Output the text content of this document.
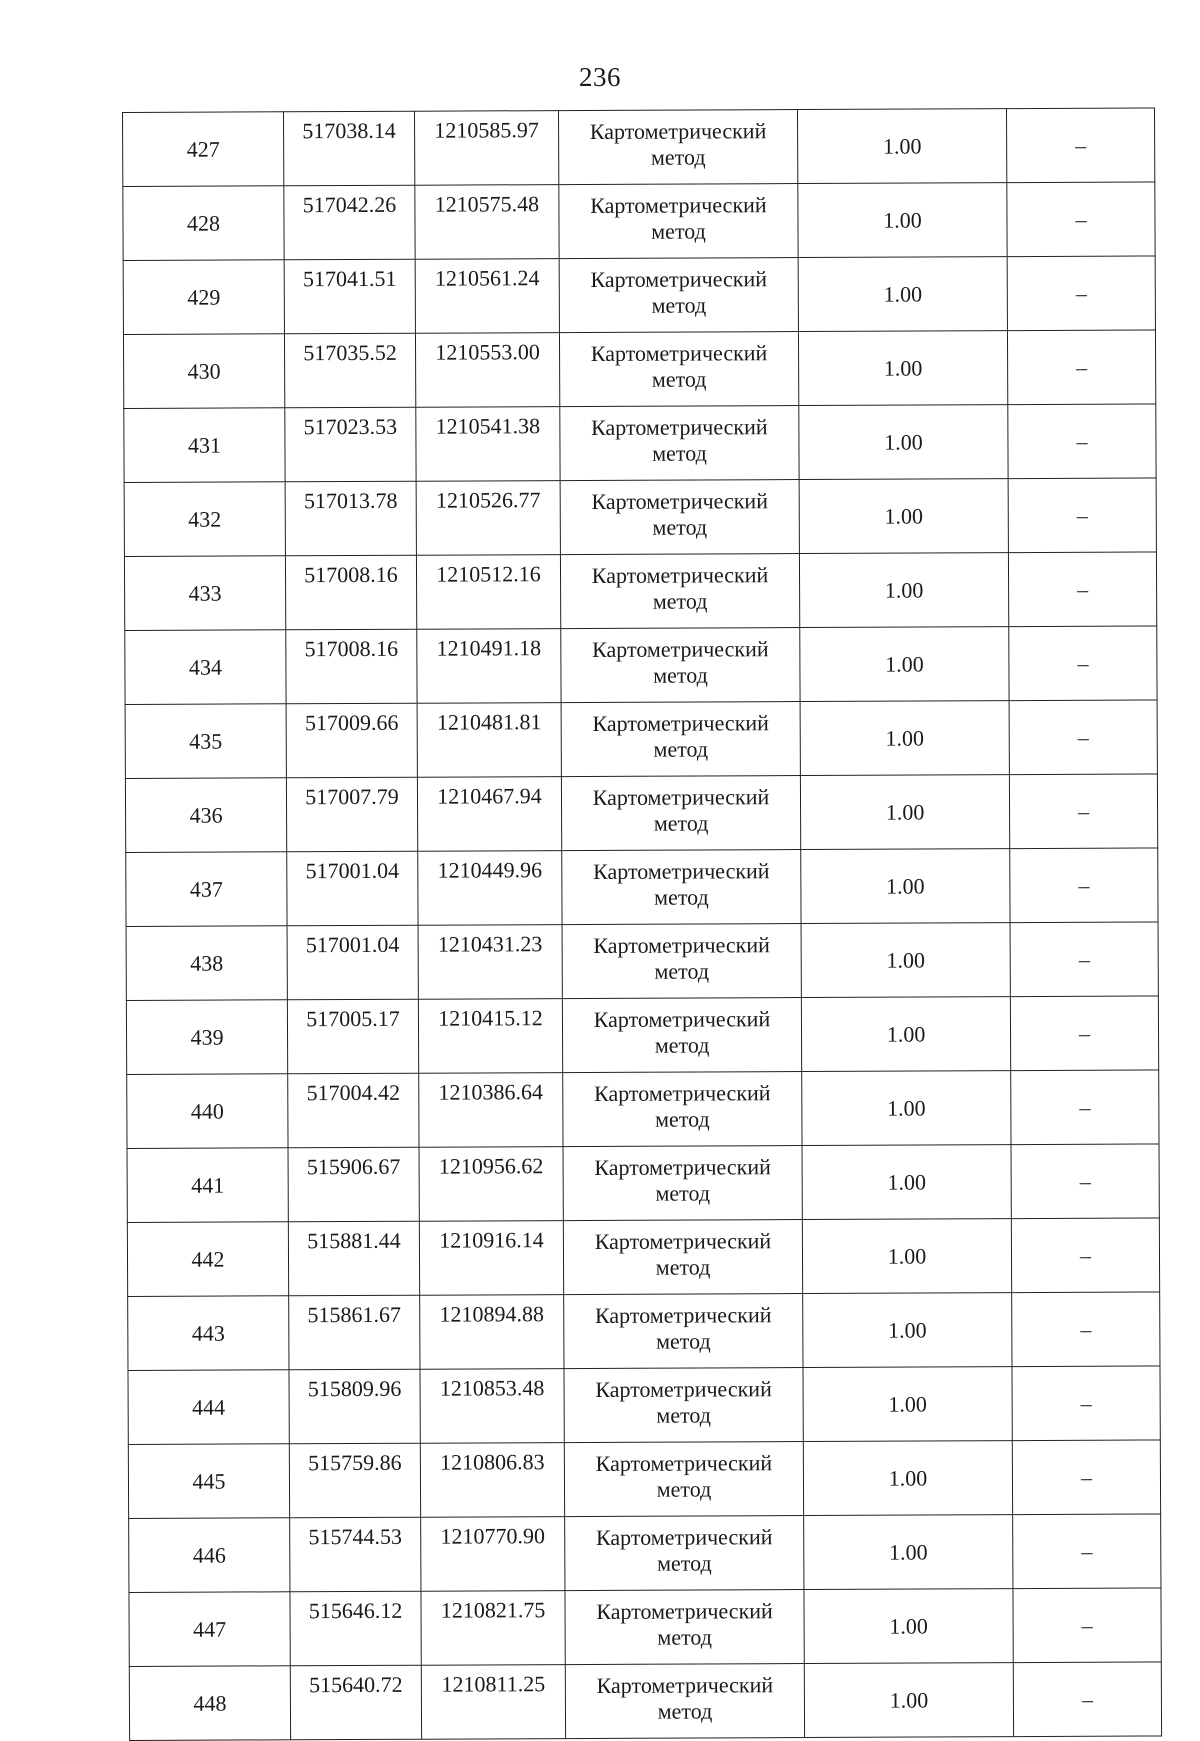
236
427	517038.14	1210585.97	Картометрический
метод	1.00	–
428	517042.26	1210575.48	Картометрический
метод	1.00	–
429	517041.51	1210561.24	Картометрический
метод	1.00	–
430	517035.52	1210553.00	Картометрический
метод	1.00	–
431	517023.53	1210541.38	Картометрический
метод	1.00	–
432	517013.78	1210526.77	Картометрический
метод	1.00	–
433	517008.16	1210512.16	Картометрический
метод	1.00	–
434	517008.16	1210491.18	Картометрический
метод	1.00	–
435	517009.66	1210481.81	Картометрический
метод	1.00	–
436	517007.79	1210467.94	Картометрический
метод	1.00	–
437	517001.04	1210449.96	Картометрический
метод	1.00	–
438	517001.04	1210431.23	Картометрический
метод	1.00	–
439	517005.17	1210415.12	Картометрический
метод	1.00	–
440	517004.42	1210386.64	Картометрический
метод	1.00	–
441	515906.67	1210956.62	Картометрический
метод	1.00	–
442	515881.44	1210916.14	Картометрический
метод	1.00	–
443	515861.67	1210894.88	Картометрический
метод	1.00	–
444	515809.96	1210853.48	Картометрический
метод	1.00	–
445	515759.86	1210806.83	Картометрический
метод	1.00	–
446	515744.53	1210770.90	Картометрический
метод	1.00	–
447	515646.12	1210821.75	Картометрический
метод	1.00	–
448	515640.72	1210811.25	Картометрический
метод	1.00	–
